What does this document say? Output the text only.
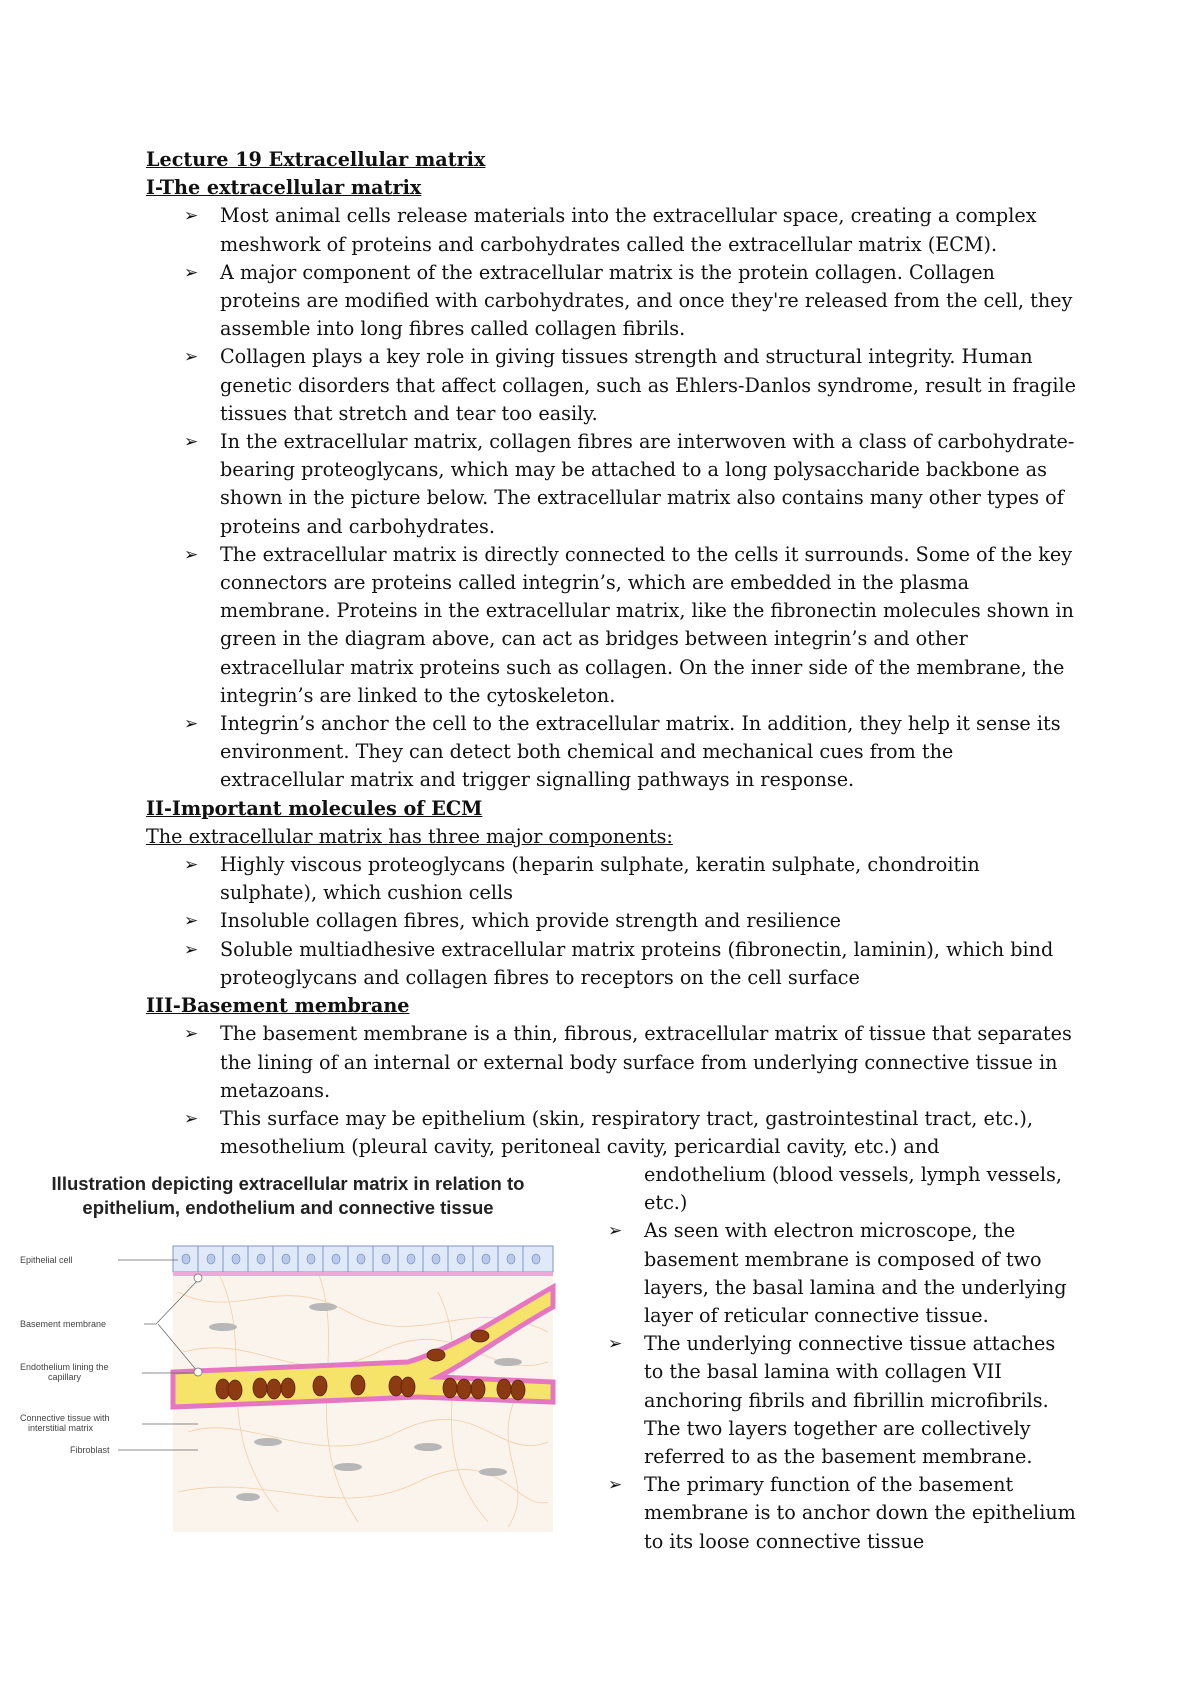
Lecture 19 Extracellular matrix

I-The extracellular matrix

➢ Most animal cells release materials into the extracellular space, creating a complex meshwork of proteins and carbohydrates called the extracellular matrix (ECM).
➢ A major component of the extracellular matrix is the protein collagen. Collagen proteins are modified with carbohydrates, and once they're released from the cell, they assemble into long fibres called collagen fibrils.
➢ Collagen plays a key role in giving tissues strength and structural integrity. Human genetic disorders that affect collagen, such as Ehlers-Danlos syndrome, result in fragile tissues that stretch and tear too easily.
➢ In the extracellular matrix, collagen fibres are interwoven with a class of carbohydrate-bearing proteoglycans, which may be attached to a long polysaccharide backbone as shown in the picture below. The extracellular matrix also contains many other types of proteins and carbohydrates.
➢ The extracellular matrix is directly connected to the cells it surrounds. Some of the key connectors are proteins called integrin’s, which are embedded in the plasma membrane. Proteins in the extracellular matrix, like the fibronectin molecules shown in green in the diagram above, can act as bridges between integrin’s and other extracellular matrix proteins such as collagen. On the inner side of the membrane, the integrin’s are linked to the cytoskeleton.
➢ Integrin’s anchor the cell to the extracellular matrix. In addition, they help it sense its environment. They can detect both chemical and mechanical cues from the extracellular matrix and trigger signalling pathways in response.

II-Important molecules of ECM

The extracellular matrix has three major components:

➢ Highly viscous proteoglycans (heparin sulphate, keratin sulphate, chondroitin sulphate), which cushion cells
➢ Insoluble collagen fibres, which provide strength and resilience
➢ Soluble multiadhesive extracellular matrix proteins (fibronectin, laminin), which bind proteoglycans and collagen fibres to receptors on the cell surface

III-Basement membrane

➢ The basement membrane is a thin, fibrous, extracellular matrix of tissue that separates the lining of an internal or external body surface from underlying connective tissue in metazoans.
➢ This surface may be epithelium (skin, respiratory tract, gastrointestinal tract, etc.), mesothelium (pleural cavity, peritoneal cavity, pericardial cavity, etc.) and

endothelium (blood vessels, lymph vessels, etc.)

➢ As seen with electron microscope, the basement membrane is composed of two layers, the basal lamina and the underlying layer of reticular connective tissue.
➢ The underlying connective tissue attaches to the basal lamina with collagen VII anchoring fibrils and fibrillin microfibrils. The two layers together are collectively referred to as the basement membrane.
➢ The primary function of the basement membrane is to anchor down the epithelium to its loose connective tissue
Illustration depicting extracellular matrix in relation to
epithelium, endothelium and connective tissue
Epithelial cell
Basement membrane
Endothelium lining the
capillary
Connective tissue with
interstitial matrix
Fibroblast
